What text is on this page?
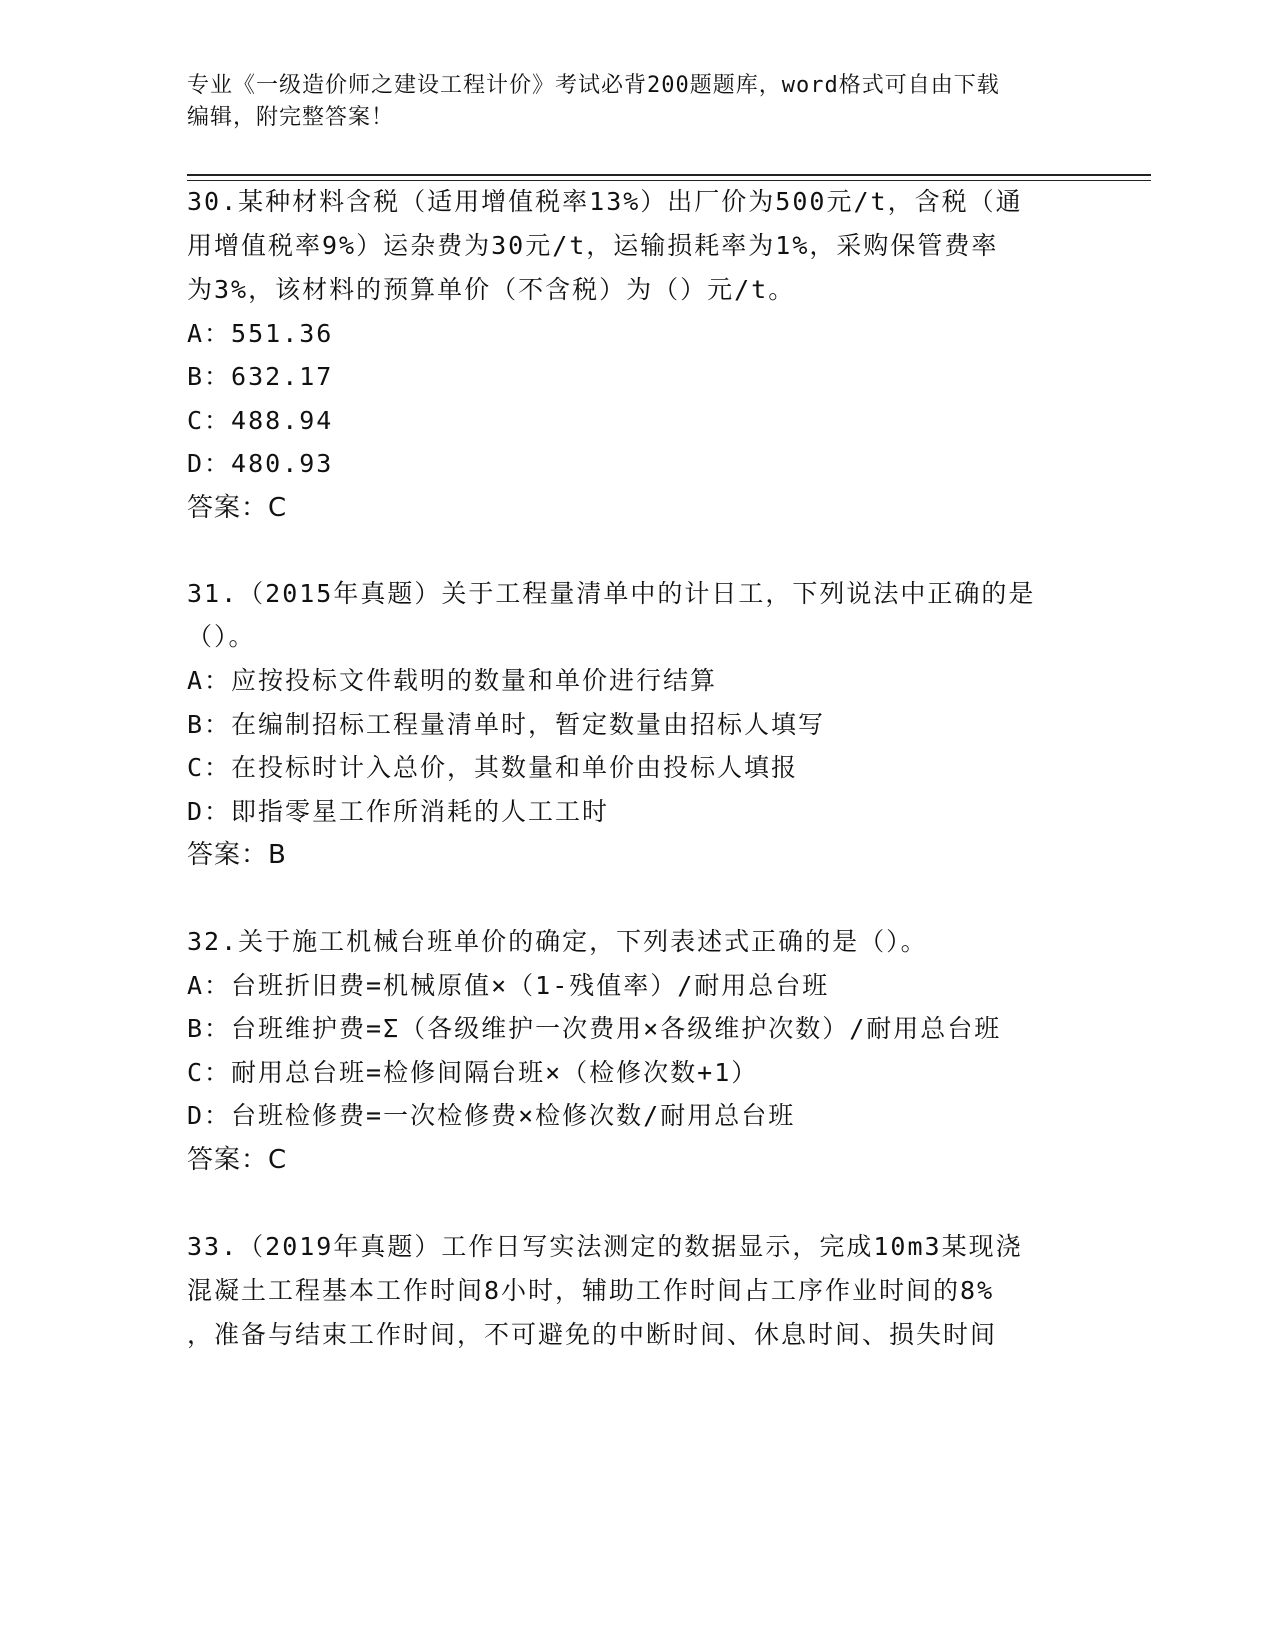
专业《一级造价师之建设工程计价》考试必背200题题库，word格式可自由下载
编辑，附完整答案！
30.某种材料含税（适用增值税率13%）出厂价为500元/t，含税（通
用增值税率9%）运杂费为30元/t，运输损耗率为1%，采购保管费率
为3%，该材料的预算单价（不含税）为（）元/t。
A：551.36
B：632.17
C：488.94
D：480.93
答案：C
31.（2015年真题）关于工程量清单中的计日工，下列说法中正确的是
（）。
A：应按投标文件载明的数量和单价进行结算
B：在编制招标工程量清单时，暂定数量由招标人填写
C：在投标时计入总价，其数量和单价由投标人填报
D：即指零星工作所消耗的人工工时
答案：B
32.关于施工机械台班单价的确定，下列表述式正确的是（）。
A：台班折旧费=机械原值×（1-残值率）/耐用总台班
B：台班维护费=Σ（各级维护一次费用×各级维护次数）/耐用总台班
C：耐用总台班=检修间隔台班×（检修次数+1）
D：台班检修费=一次检修费×检修次数/耐用总台班
答案：C
33.（2019年真题）工作日写实法测定的数据显示，完成10m3某现浇
混凝土工程基本工作时间8小时，辅助工作时间占工序作业时间的8%
，准备与结束工作时间，不可避免的中断时间、休息时间、损失时间
